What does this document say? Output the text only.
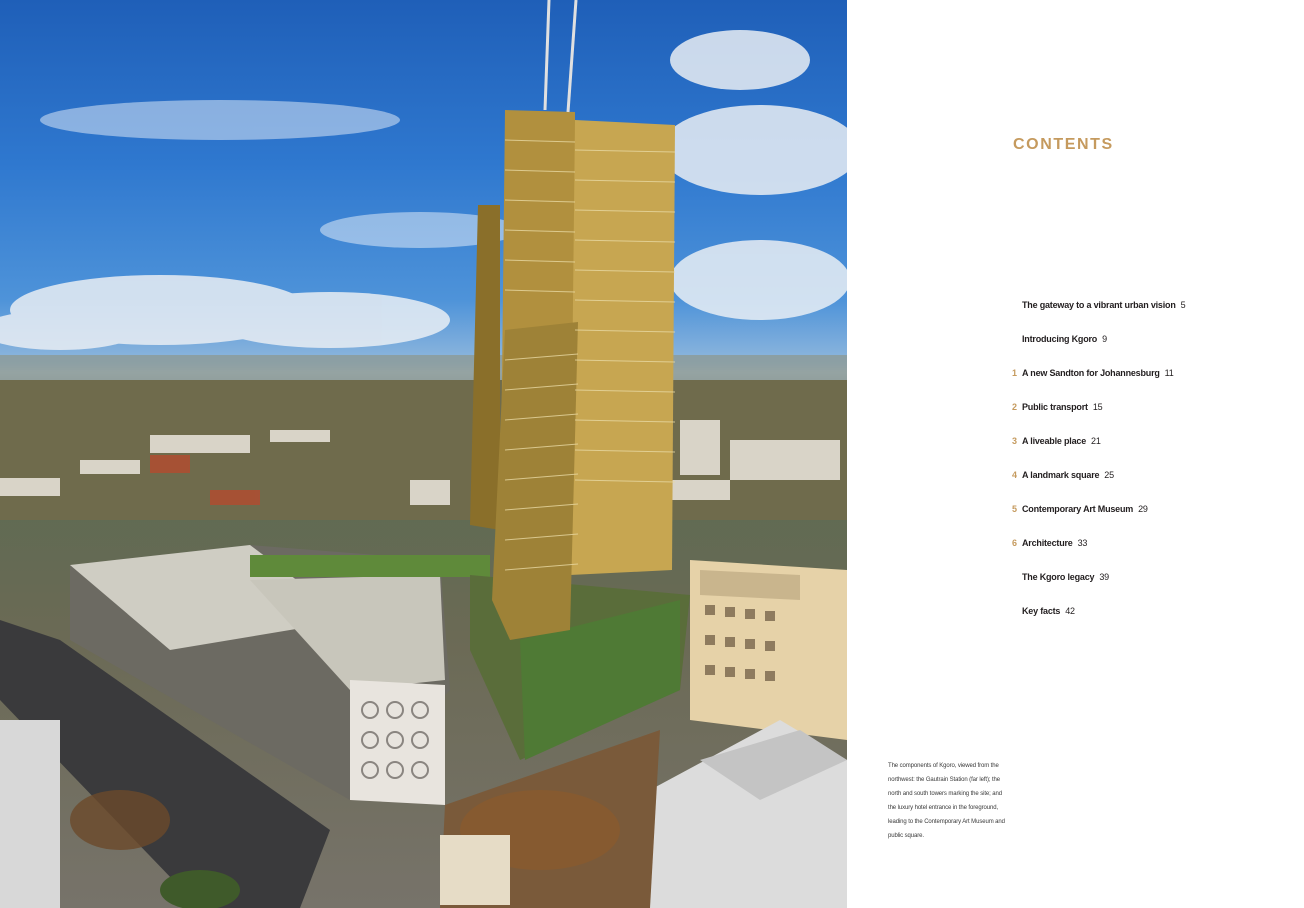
CONTENTS
The gateway to a vibrant urban vision 5
Introducing Kgoro 9
1 A new Sandton for Johannesburg 11
2 Public transport 15
3 A liveable place 21
4 A landmark square 25
5 Contemporary Art Museum 29
6 Architecture 33
The Kgoro legacy 39
Key facts 42
The components of Kgoro, viewed from the northwest: the Gautrain Station (far left); the north and south towers marking the site; and the luxury hotel entrance in the foreground, leading to the Contemporary Art Museum and public square.
